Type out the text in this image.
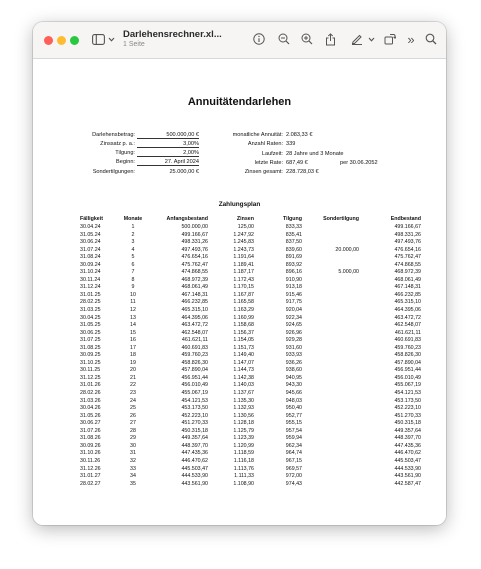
Darlehensrechner.xl...
1 Seite	»
Annuitätendarlehen
Darlehensbetrag:	500.000,00 €
Zinssatz p. a.:	3,00%
Tilgung:	2,00%
Beginn:	27. April 2024
Sondertilgungen:	25.000,00 €
monatliche Annuität: 2.083,33 €
Anzahl Raten: 339
Laufzeit: 28 Jahre und 3 Monate
letzte Rate: 687,49 €	per 30.06.2052
Zinsen gesamt: 228.728,03 €
Zahlungsplan
Fälligkeit	Monate	Anfangsbestand	Zinsen	Tilgung	Sondertilgung	Endbestand
30.04.24	1	500.000,00	125,00	833,33		499.166,67
31.05.24	2	499.166,67	1.247,92	835,41		498.331,26
30.06.24	3	498.331,26	1.245,83	837,50		497.493,76
31.07.24	4	497.493,76	1.243,73	839,60	20.000,00	476.654,16
31.08.24	5	476.654,16	1.191,64	891,69		475.762,47
30.09.24	6	475.762,47	1.189,41	893,92		474.868,55
31.10.24	7	474.868,55	1.187,17	896,16	5.000,00	468.972,39
30.11.24	8	468.972,39	1.172,43	910,90		468.061,49
31.12.24	9	468.061,49	1.170,15	913,18		467.148,31
31.01.25	10	467.148,31	1.167,87	915,46		466.232,85
28.02.25	11	466.232,85	1.165,58	917,75		465.315,10
31.03.25	12	465.315,10	1.163,29	920,04		464.395,06
30.04.25	13	464.395,06	1.160,99	922,34		463.472,72
31.05.25	14	463.472,72	1.158,68	924,65		462.548,07
30.06.25	15	462.548,07	1.156,37	926,96		461.621,11
31.07.25	16	461.621,11	1.154,05	929,28		460.691,83
31.08.25	17	460.691,83	1.151,73	931,60		459.760,23
30.09.25	18	459.760,23	1.149,40	933,93		458.826,30
31.10.25	19	458.826,30	1.147,07	936,26		457.890,04
30.11.25	20	457.890,04	1.144,73	938,60		456.951,44
31.12.25	21	456.951,44	1.142,38	940,95		456.010,49
31.01.26	22	456.010,49	1.140,03	943,30		455.067,19
28.02.26	23	455.067,19	1.137,67	945,66		454.121,53
31.03.26	24	454.121,53	1.135,30	948,03		453.173,50
30.04.26	25	453.173,50	1.132,93	950,40		452.223,10
31.05.26	26	452.223,10	1.130,56	952,77		451.270,33
30.06.27	27	451.270,33	1.128,18	955,15		450.315,18
31.07.26	28	450.315,18	1.125,79	957,54		449.357,64
31.08.26	29	449.357,64	1.123,39	959,94		448.397,70
30.09.26	30	448.397,70	1.120,99	962,34		447.435,36
31.10.26	31	447.435,36	1.118,59	964,74		446.470,62
30.11.26	32	446.470,62	1.116,18	967,15		445.503,47
31.12.26	33	445.503,47	1.113,76	969,57		444.533,90
31.01.27	34	444.533,90	1.111,33	972,00		443.561,90
28.02.27	35	443.561,90	1.108,90	974,43		442.587,47
